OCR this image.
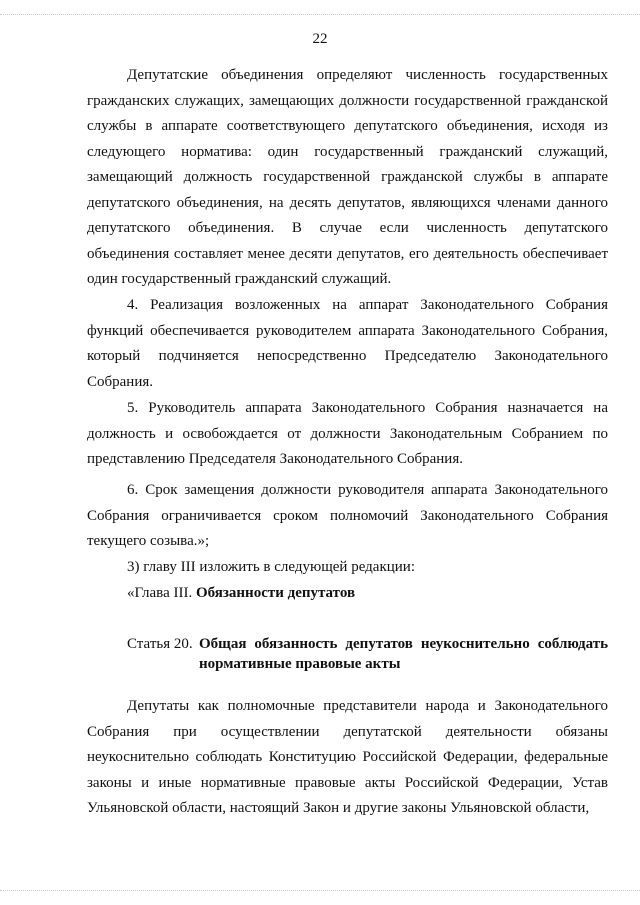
22

Депутатские объединения определяют численность государственных гражданских служащих, замещающих должности государственной гражданской службы в аппарате соответствующего депутатского объединения, исходя из следующего норматива: один государственный гражданский служащий, замещающий должность государственной гражданской службы в аппарате депутатского объединения, на десять депутатов, являющихся членами данного депутатского объединения. В случае если численность депутатского объединения составляет менее десяти депутатов, его деятельность обеспечивает один государственный гражданский служащий.

4. Реализация возложенных на аппарат Законодательного Собрания функций обеспечивается руководителем аппарата Законодательного Собрания, который подчиняется непосредственно Председателю Законодательного Собрания.

5. Руководитель аппарата Законодательного Собрания назначается на должность и освобождается от должности Законодательным Собранием по представлению Председателя Законодательного Собрания.

6. Срок замещения должности руководителя аппарата Законодательного Собрания ограничивается сроком полномочий Законодательного Собрания текущего созыва.»;

3) главу III изложить в следующей редакции:

«Глава III. Обязанности депутатов

Статья 20. Общая обязанность депутатов неукоснительно соблюдать нормативные правовые акты

Депутаты как полномочные представители народа и Законодательного Собрания при осуществлении депутатской деятельности обязаны неукоснительно соблюдать Конституцию Российской Федерации, федеральные законы и иные нормативные правовые акты Российской Федерации, Устав Ульяновской области, настоящий Закон и другие законы Ульяновской области,
